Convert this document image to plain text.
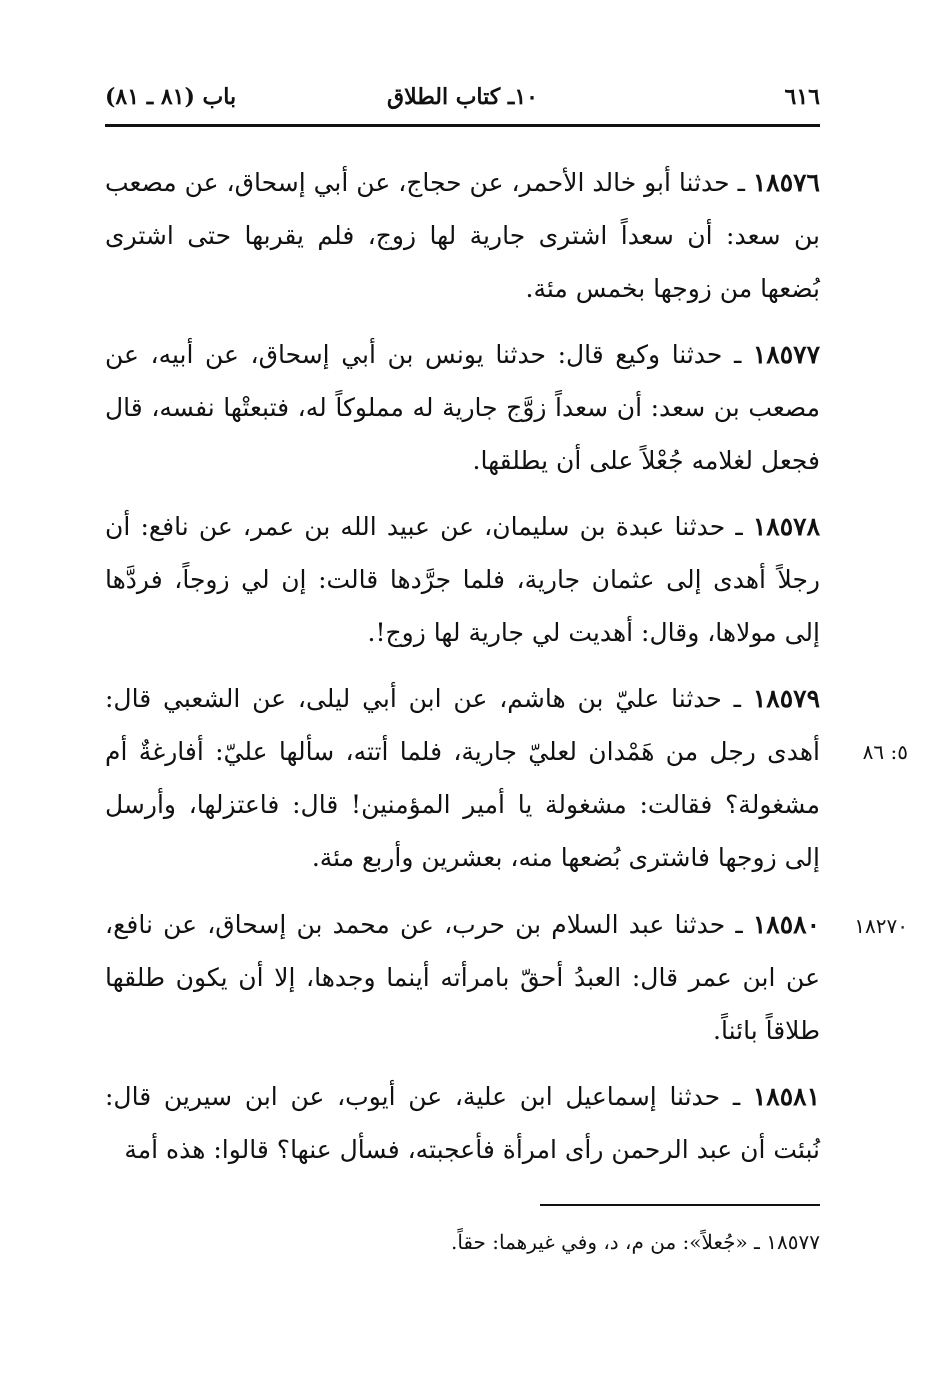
٦١٦
١٠ـ كتاب الطلاق
باب (٨١ ـ ٨١)
١٨٥٧٦ ـ حدثنا أبو خالد الأحمر، عن حجاج، عن أبي إسحاق، عن مصعب بن سعد: أن سعداً اشترى جارية لها زوج، فلم يقربها حتى اشترى بُضعها من زوجها بخمس مئة.
١٨٥٧٧ ـ حدثنا وكيع قال: حدثنا يونس بن أبي إسحاق، عن أبيه، عن مصعب بن سعد: أن سعداً زوَّج جارية له مملوكاً له، فتبعتْها نفسه، قال فجعل لغلامه جُعْلاً على أن يطلقها.
١٨٥٧٨ ـ حدثنا عبدة بن سليمان، عن عبيد الله بن عمر، عن نافع: أن رجلاً أهدى إلى عثمان جارية، فلما جرَّدها قالت: إن لي زوجاً، فردَّها إلى مولاها، وقال: أهديت لي جارية لها زوج!.
١٨٥٧٩ ـ حدثنا عليّ بن هاشم، عن ابن أبي ليلى، عن الشعبي قال: أهدى رجل من هَمْدان لعليّ جارية، فلما أتته، سألها عليّ: أفارغةٌ أم مشغولة؟ فقالت: مشغولة يا أمير المؤمنين! قال: فاعتزلها، وأرسل إلى زوجها فاشترى بُضعها منه، بعشرين وأربع مئة.
٥: ٨٦
١٨٥٨٠ ـ حدثنا عبد السلام بن حرب، عن محمد بن إسحاق، عن نافع، عن ابن عمر قال: العبدُ أحقّ بامرأته أينما وجدها، إلا أن يكون طلقها طلاقاً بائناً.
١٨٢٧٠
١٨٥٨١ ـ حدثنا إسماعيل ابن علية، عن أيوب، عن ابن سيرين قال: نُبئت أن عبد الرحمن رأى امرأة فأعجبته، فسأل عنها؟ قالوا: هذه أمة
١٨٥٧٧ ـ «جُعلاً»: من م، د، وفي غيرهما: حقاً.
